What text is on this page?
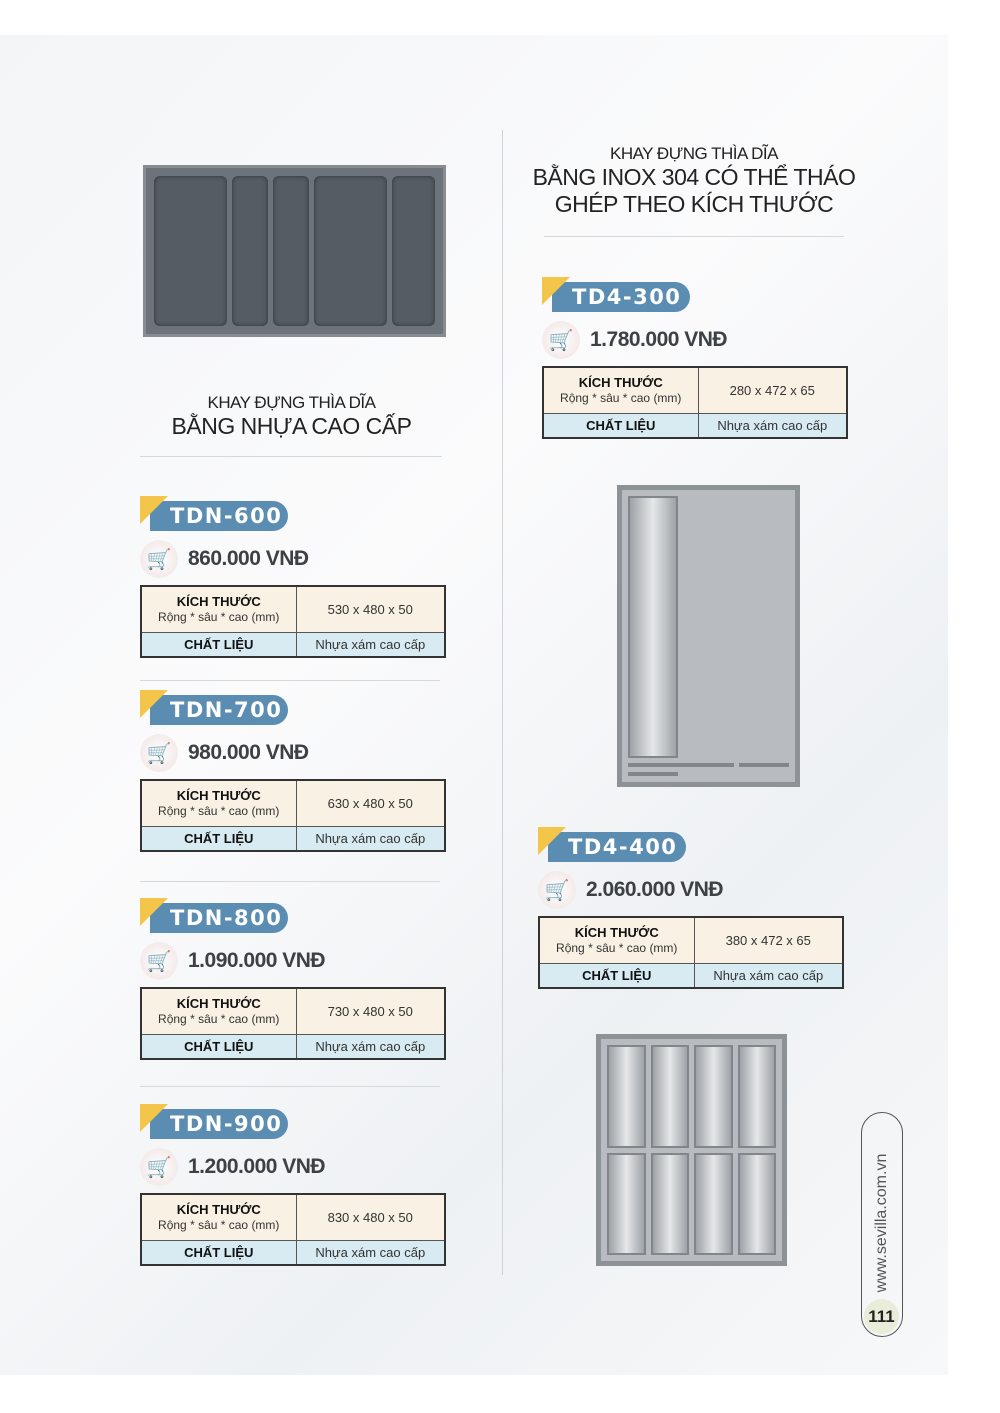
KHAY ĐỰNG THÌA DĨA
BẰNG NHỰA CAO CẤP
KHAY ĐỰNG THÌA DĨA
BẰNG INOX 304 CÓ THỂ THÁO
GHÉP THEO KÍCH THƯỚC
TDN-600
🛒 860.000 VNĐ
KÍCH THƯỚC
Rộng * sâu * cao (mm)	530 x 480 x 50

CHẤT LIỆU	Nhựa xám cao cấp
TDN-700
🛒 980.000 VNĐ
KÍCH THƯỚC
Rộng * sâu * cao (mm)	630 x 480 x 50

CHẤT LIỆU	Nhựa xám cao cấp
TDN-800
🛒 1.090.000 VNĐ
KÍCH THƯỚC
Rộng * sâu * cao (mm)	730 x 480 x 50

CHẤT LIỆU	Nhựa xám cao cấp
TDN-900
🛒 1.200.000 VNĐ
KÍCH THƯỚC
Rộng * sâu * cao (mm)	830 x 480 x 50

CHẤT LIỆU	Nhựa xám cao cấp
TD4-300
🛒 1.780.000 VNĐ
KÍCH THƯỚC
Rộng * sâu * cao (mm)	280 x 472 x 65

CHẤT LIỆU	Nhựa xám cao cấp
TD4-400
🛒 2.060.000 VNĐ
KÍCH THƯỚC
Rộng * sâu * cao (mm)	380 x 472 x 65

CHẤT LIỆU	Nhựa xám cao cấp
www.sevilla.com.vn
111
